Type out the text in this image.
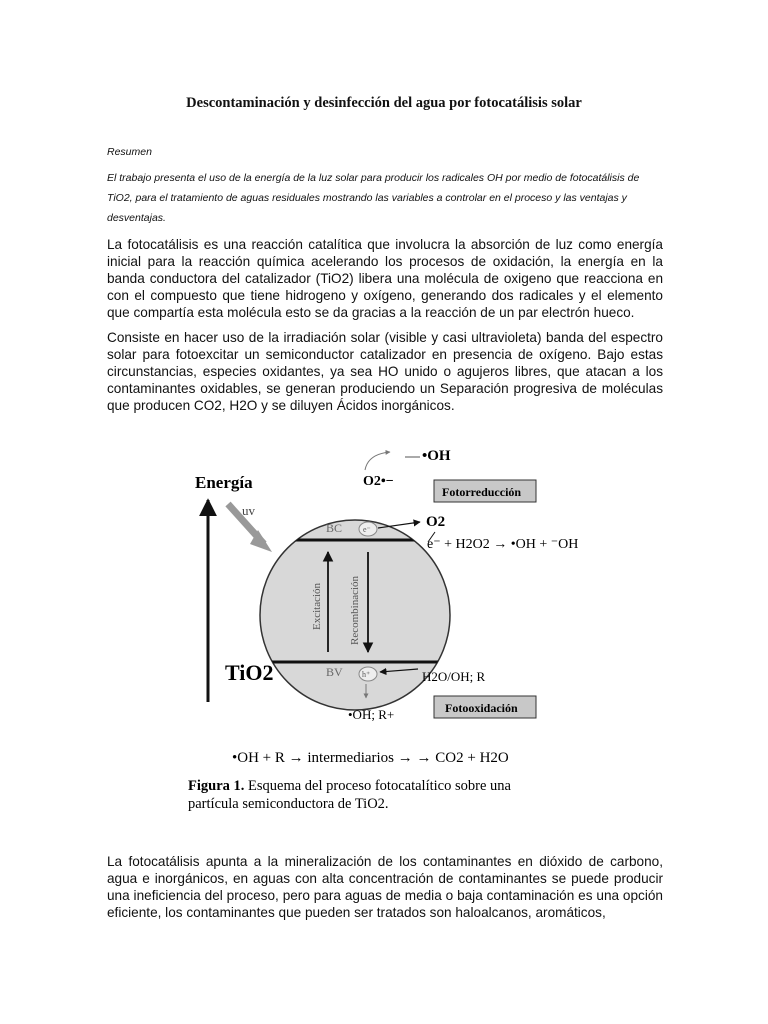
Descontaminación y desinfección del agua por fotocatálisis solar
Resumen
El trabajo presenta el uso de la energía de la luz solar para producir los radicales OH por medio de fotocatálisis de TiO2, para el tratamiento de aguas residuales mostrando las variables a controlar en el proceso y las ventajas y desventajas.

La fotocatálisis es una reacción catalítica que involucra la absorción de luz como energía inicial para la reacción química acelerando los procesos de oxidación, la energía en la banda conductora del catalizador (TiO2) libera una molécula de oxigeno que reacciona en con el compuesto que tiene hidrogeno y oxígeno, generando dos radicales y el elemento que compartía esta molécula esto se da gracias a la reacción de un par electrón hueco.

Consiste en hacer uso de la irradiación solar (visible y casi ultravioleta) banda del espectro solar para fotoexcitar un semiconductor catalizador en presencia de oxígeno. Bajo estas circunstancias, especies oxidantes, ya sea HO unido o agujeros libres, que atacan a los contaminantes oxidables, se generan produciendo un Separación progresiva de moléculas que producen CO2, H2O y se diluyen Ácidos inorgánicos.

Energía
uv
BC	e⁻
O2•−
•OH
Fotorreducción
O2
e⁻ + H2O2 → •OH + ⁻OH
Excitación Recombinación
TiO2	BV h⁺	H2O/OH; R
•OH; R+	Fotooxidación
•OH + R → intermediarios → → CO2 + H2O
Figura 1. Esquema del proceso fotocatalítico sobre una partícula semiconductora de TiO2.

La fotocatálisis apunta a la mineralización de los contaminantes en dióxido de carbono, agua e inorgánicos, en aguas con alta concentración de contaminantes se puede producir una ineficiencia del proceso, pero para aguas de media o baja contaminación es una opción eficiente, los contaminantes que pueden ser tratados son haloalcanos, aromáticos,
